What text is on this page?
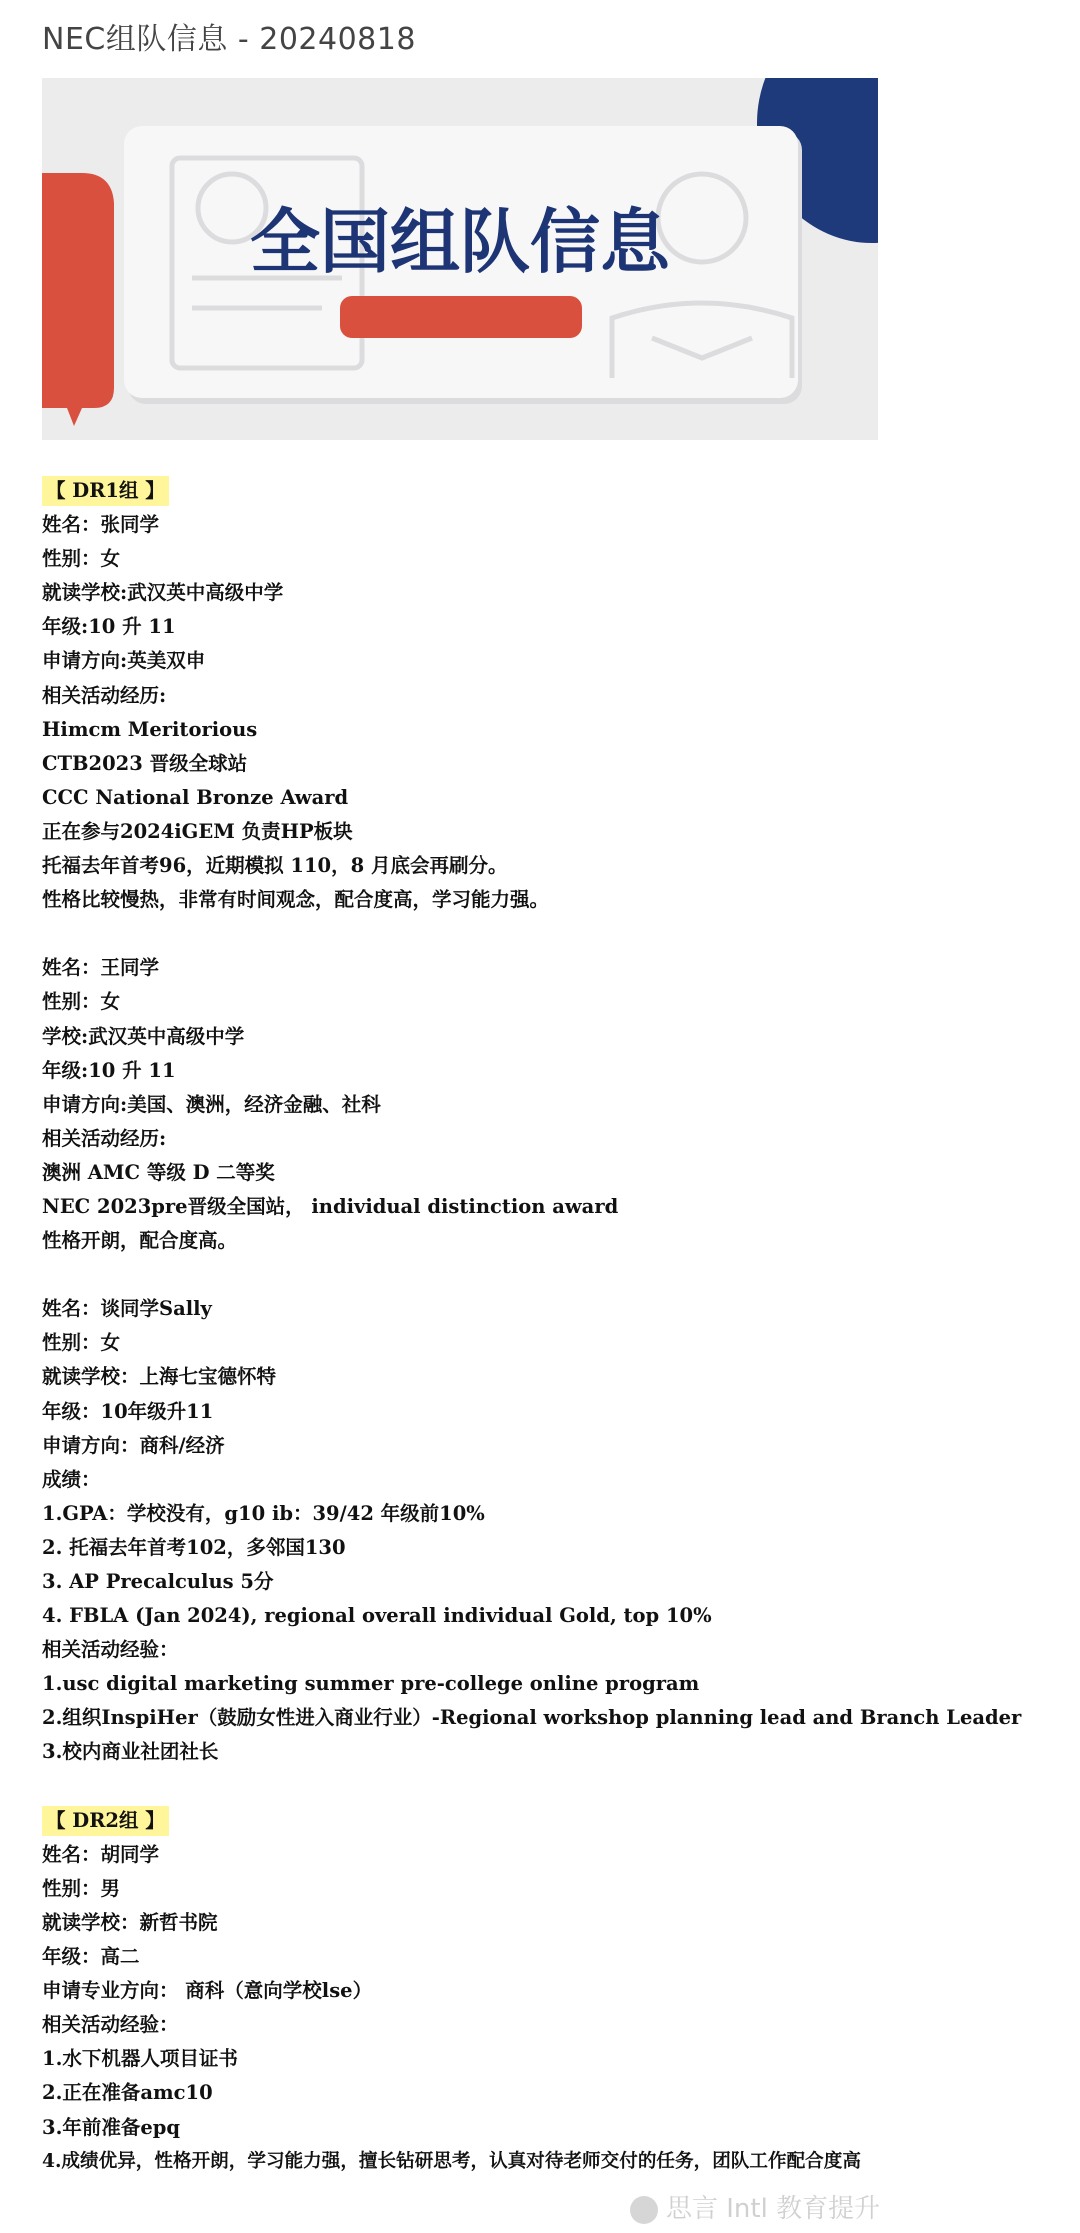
NEC组队信息 - 20240818
全国组队信息
【 DR1组 】
姓名：张同学
性别：女
就读学校:武汉英中高级中学
年级:10 升 11
申请方向:英美双申
相关活动经历:
Himcm Meritorious
CTB2023 晋级全球站
CCC National Bronze Award
正在参与2024iGEM 负责HP板块
托福去年首考96，近期模拟 110，8 月底会再刷分。
性格比较慢热，非常有时间观念，配合度高，学习能力强。
姓名：王同学
性别：女
学校:武汉英中高级中学
年级:10 升 11
申请方向:美国、澳洲，经济金融、社科
相关活动经历:
澳洲 AMC 等级 D 二等奖
NEC 2023pre晋级全国站， individual distinction award
性格开朗，配合度高。
姓名：谈同学Sally
性别：女
就读学校：上海七宝德怀特
年级：10年级升11
申请方向：商科/经济
成绩：
1.GPA：学校没有，g10 ib：39/42 年级前10%
2. 托福去年首考102，多邻国130
3. AP Precalculus 5分
4. FBLA (Jan 2024), regional overall individual Gold, top 10%
相关活动经验：
1.usc digital marketing summer pre-college online program
2.组织InspiHer（鼓励女性进入商业行业）-Regional workshop planning lead and Branch Leader
3.校内商业社团社长
【 DR2组 】
姓名：胡同学
性别：男
就读学校：新哲书院
年级：高二
申请专业方向： 商科（意向学校lse）
相关活动经验：
1.水下机器人项目证书
2.正在准备amc10
3.年前准备epq
4.成绩优异，性格开朗，学习能力强，擅长钻研思考，认真对待老师交付的任务，团队工作配合度高
思言 Intl 教育提升
